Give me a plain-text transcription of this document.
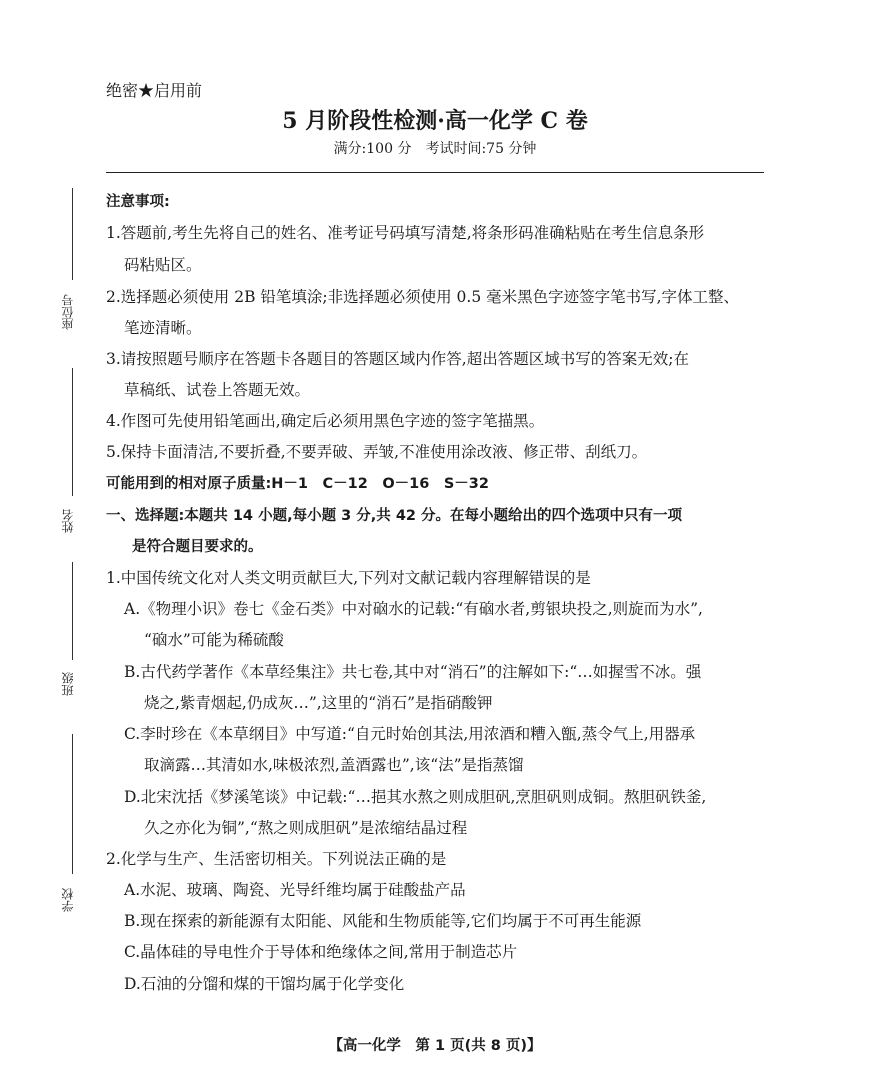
绝密★启用前
5 月阶段性检测·高一化学 C 卷
满分:100 分　考试时间:75 分钟
座位号
姓名
班级
学校
注意事项:
1.答题前,考生先将自己的姓名、准考证号码填写清楚,将条形码准确粘贴在考生信息条形
码粘贴区。
2.选择题必须使用 2B 铅笔填涂;非选择题必须使用 0.5 毫米黑色字迹签字笔书写,字体工整、
笔迹清晰。
3.请按照题号顺序在答题卡各题目的答题区域内作答,超出答题区域书写的答案无效;在
草稿纸、试卷上答题无效。
4.作图可先使用铅笔画出,确定后必须用黑色字迹的签字笔描黑。
5.保持卡面清洁,不要折叠,不要弄破、弄皱,不准使用涂改液、修正带、刮纸刀。
可能用到的相对原子质量:H－1　C－12　O－16　S－32
一、选择题:本题共 14 小题,每小题 3 分,共 42 分。在每小题给出的四个选项中只有一项
是符合题目要求的。
1.中国传统文化对人类文明贡献巨大,下列对文献记载内容理解错误的是
A.《物理小识》卷七《金石类》中对硇水的记载:“有硇水者,剪银块投之,则旋而为水”,
“硇水”可能为稀硫酸
B.古代药学著作《本草经集注》共七卷,其中对“消石”的注解如下:“…如握雪不冰。强
烧之,紫青烟起,仍成灰…”,这里的“消石”是指硝酸钾
C.李时珍在《本草纲目》中写道:“自元时始创其法,用浓酒和糟入甑,蒸令气上,用器承
取滴露…其清如水,味极浓烈,盖酒露也”,该“法”是指蒸馏
D.北宋沈括《梦溪笔谈》中记载:“…挹其水熬之则成胆矾,烹胆矾则成铜。熬胆矾铁釜,
久之亦化为铜”,“熬之则成胆矾”是浓缩结晶过程
2.化学与生产、生活密切相关。下列说法正确的是
A.水泥、玻璃、陶瓷、光导纤维均属于硅酸盐产品
B.现在探索的新能源有太阳能、风能和生物质能等,它们均属于不可再生能源
C.晶体硅的导电性介于导体和绝缘体之间,常用于制造芯片
D.石油的分馏和煤的干馏均属于化学变化
【高一化学　第 1 页(共 8 页)】
